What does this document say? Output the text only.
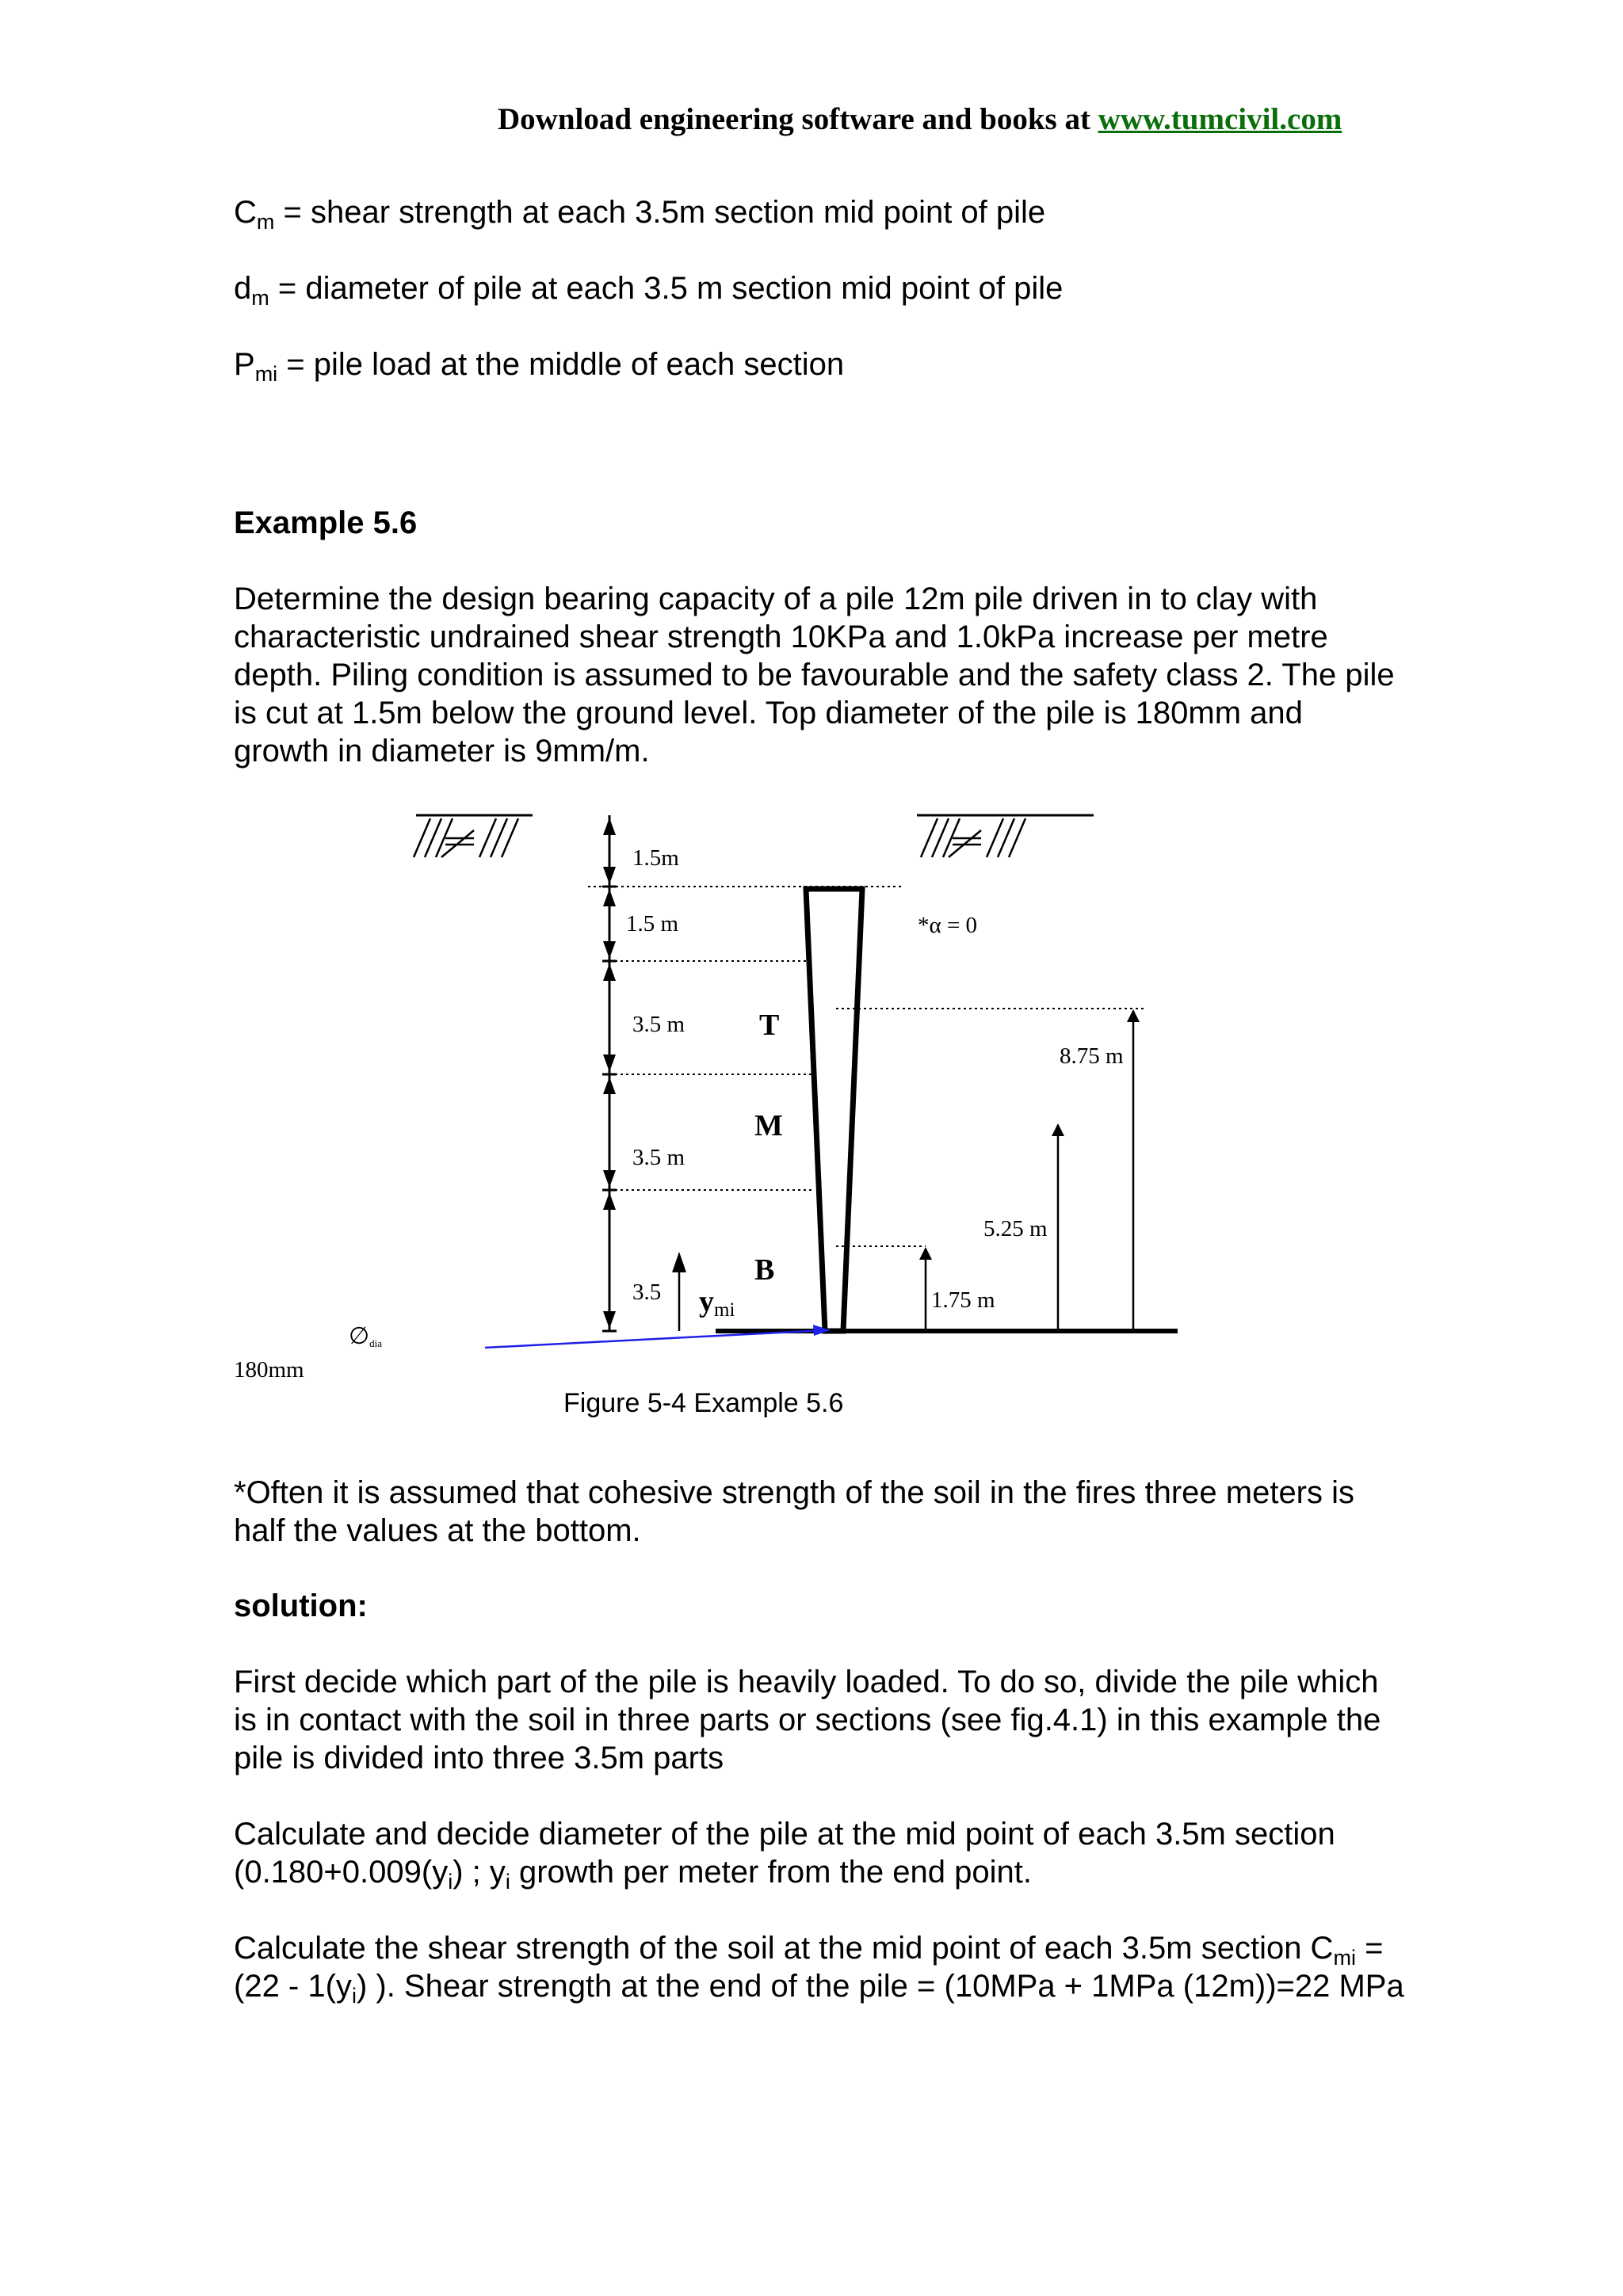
Download engineering software and books at www.tumcivil.com

$C_m$ = shear strength at each 3.5m section mid point of pile

$d_m$ = diameter of pile at each 3.5 m section mid point of pile

$P_{mi}$ = pile load at the middle of each section

Example 5.6

Determine the design bearing capacity of a pile 12m pile driven in to clay with characteristic undrained shear strength 10KPa and 1.0kPa increase per metre depth. Piling condition is assumed to be favourable and the safety class 2. The pile is cut at 1.5m below the ground level. Top diameter of the pile is 180mm and growth in diameter is 9mm/m.

1.5m
1.5 m
3.5 m
3.5 m
3.5
*α = 0
T
M
B
8.75 m
5.25 m
1.75 m
ymi
∅dia
180mm
Figure 5-4 Example 5.6

*Often it is assumed that cohesive strength of the soil in the fires three meters is half the values at the bottom.

solution:

First decide which part of the pile is heavily loaded. To do so, divide the pile which is in contact with the soil in three parts or sections (see fig.4.1) in this example the pile is divided into three 3.5m parts

Calculate and decide diameter of the pile at the mid point of each 3.5m section ($0.180+0.009(y_i)$ ; $y_i$ growth per meter from the end point.

Calculate the shear strength of the soil at the mid point of each 3.5m section $C_{mi} = (22 - 1(y_i)$ ). Shear strength at the end of the pile = (10MPa + 1MPa (12m))=22 MPa
